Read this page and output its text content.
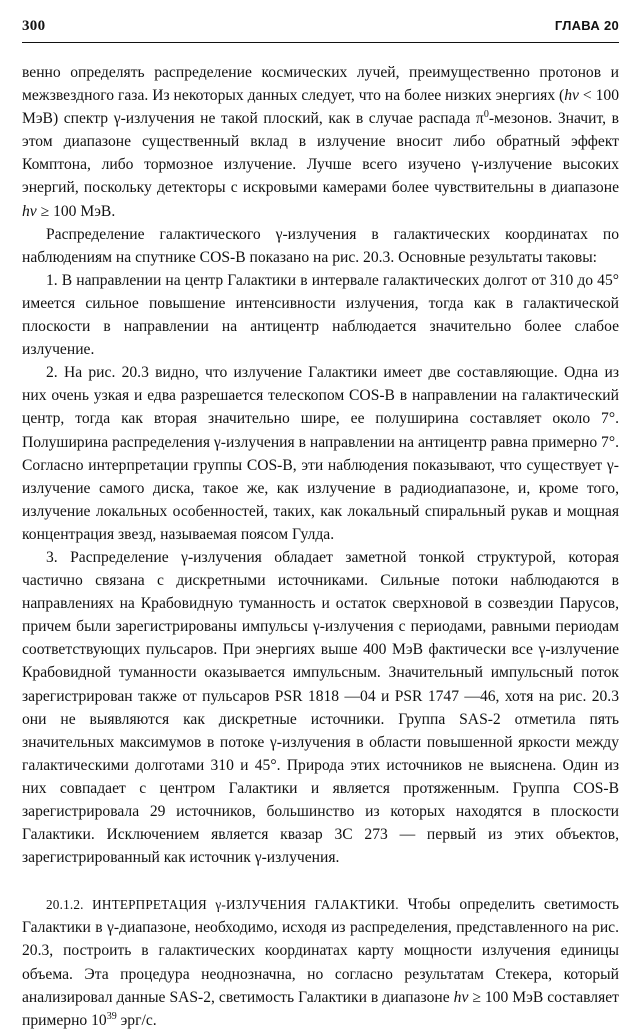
300	ГЛАВА 20

венно определять распределение космических лучей, преимущественно протонов и межзвездного газа. Из некоторых данных следует, что на более низких энергиях (hν < 100 МэВ) спектр γ-излучения не такой плоский, как в случае распада $\pi^0$-мезонов. Значит, в этом диапазоне существенный вклад в излучение вносит либо обратный эффект Комптона, либо тормозное излучение. Лучше всего изучено γ-излучение высоких энергий, поскольку детекторы с искровыми камерами более чувствительны в диапазоне hν ≥ 100 МэВ.

Распределение галактического γ-излучения в галактических координатах по наблюдениям на спутнике COS-B показано на рис. 20.3. Основные результаты таковы:

1. В направлении на центр Галактики в интервале галактических долгот от 310 до 45° имеется сильное повышение интенсивности излучения, тогда как в галактической плоскости в направлении на антицентр наблюдается значительно более слабое излучение.

2. На рис. 20.3 видно, что излучение Галактики имеет две составляющие. Одна из них очень узкая и едва разрешается телескопом COS-B в направлении на галактический центр, тогда как вторая значительно шире, ее полуширина составляет около 7°. Полуширина распределения γ-излучения в направлении на антицентр равна примерно 7°. Согласно интерпретации группы COS-B, эти наблюдения показывают, что существует γ-излучение самого диска, такое же, как излучение в радиодиапазоне, и, кроме того, излучение локальных особенностей, таких, как локальный спиральный рукав и мощная концентрация звезд, называемая поясом Гулда.

3. Распределение γ-излучения обладает заметной тонкой структурой, которая частично связана с дискретными источниками. Сильные потоки наблюдаются в направлениях на Крабовидную туманность и остаток сверхновой в созвездии Парусов, причем были зарегистрированы импульсы γ-излучения с периодами, равными периодам соответствующих пульсаров. При энергиях выше 400 МэВ фактически все γ-излучение Крабовидной туманности оказывается импульсным. Значительный импульсный поток зарегистрирован также от пульсаров PSR 1818 —04 и PSR 1747 —46, хотя на рис. 20.3 они не выявляются как дискретные источники. Группа SAS-2 отметила пять значительных максимумов в потоке γ-излучения в области повышенной яркости между галактическими долготами 310 и 45°. Природа этих источников не выяснена. Один из них совпадает с центром Галактики и является протяженным. Группа COS-B зарегистрировала 29 источников, большинство из которых находятся в плоскости Галактики. Исключением является квазар 3С 273 — первый из этих объектов, зарегистрированный как источник γ-излучения.

20.1.2. ИНТЕРПРЕТАЦИЯ γ-ИЗЛУЧЕНИЯ ГАЛАКТИКИ. Чтобы определить светимость Галактики в γ-диапазоне, необходимо, исходя из распределения, представленного на рис. 20.3, построить в галактических координатах карту мощности излучения единицы объема. Эта процедура неоднозначна, но согласно результатам Стекера, который анализировал данные SAS-2, светимость Галактики в диапазоне hν ≥ 100 МэВ составляет примерно $10^{39}$ эрг/с.
